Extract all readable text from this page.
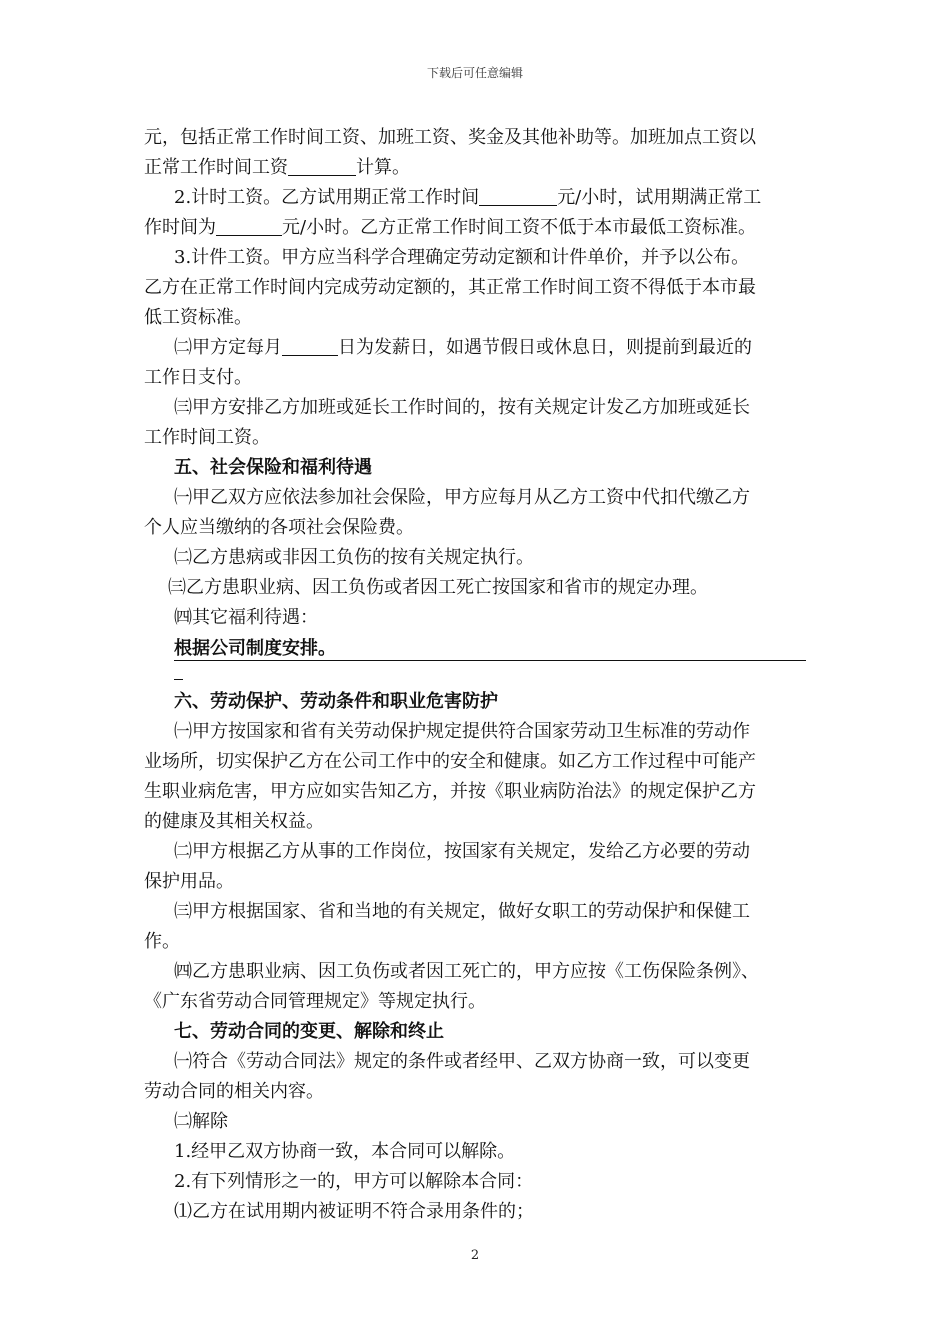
下载后可任意编辑
元，包括正常工作时间工资、加班工资、奖金及其他补助等。加班加点工资以
正常工作时间工资	计算。
2.计时工资。乙方试用期正常工作时间	元/小时，试用期满正常工
作时间为	元/小时。乙方正常工作时间工资不低于本市最低工资标准。
3.计件工资。甲方应当科学合理确定劳动定额和计件单价，并予以公布。
乙方在正常工作时间内完成劳动定额的，其正常工作时间工资不得低于本市最
低工资标准。
㈡甲方定每月	日为发薪日，如遇节假日或休息日，则提前到最近的
工作日支付。
㈢甲方安排乙方加班或延长工作时间的，按有关规定计发乙方加班或延长
工作时间工资。
五、社会保险和福利待遇
㈠甲乙双方应依法参加社会保险，甲方应每月从乙方工资中代扣代缴乙方
个人应当缴纳的各项社会保险费。
㈡乙方患病或非因工负伤的按有关规定执行。
㈢乙方患职业病、因工负伤或者因工死亡按国家和省市的规定办理。
㈣其它福利待遇：
根据公司制度安排。
六、劳动保护、劳动条件和职业危害防护
㈠甲方按国家和省有关劳动保护规定提供符合国家劳动卫生标准的劳动作
业场所，切实保护乙方在公司工作中的安全和健康。如乙方工作过程中可能产
生职业病危害，甲方应如实告知乙方，并按《职业病防治法》的规定保护乙方
的健康及其相关权益。
㈡甲方根据乙方从事的工作岗位，按国家有关规定，发给乙方必要的劳动
保护用品。
㈢甲方根据国家、省和当地的有关规定，做好女职工的劳动保护和保健工
作。
㈣乙方患职业病、因工负伤或者因工死亡的，甲方应按《工伤保险条例》、
《广东省劳动合同管理规定》等规定执行。
七、劳动合同的变更、解除和终止
㈠符合《劳动合同法》规定的条件或者经甲、乙双方协商一致，可以变更
劳动合同的相关内容。
㈡解除
1.经甲乙双方协商一致，本合同可以解除。
2.有下列情形之一的，甲方可以解除本合同：
⑴乙方在试用期内被证明不符合录用条件的；
2
